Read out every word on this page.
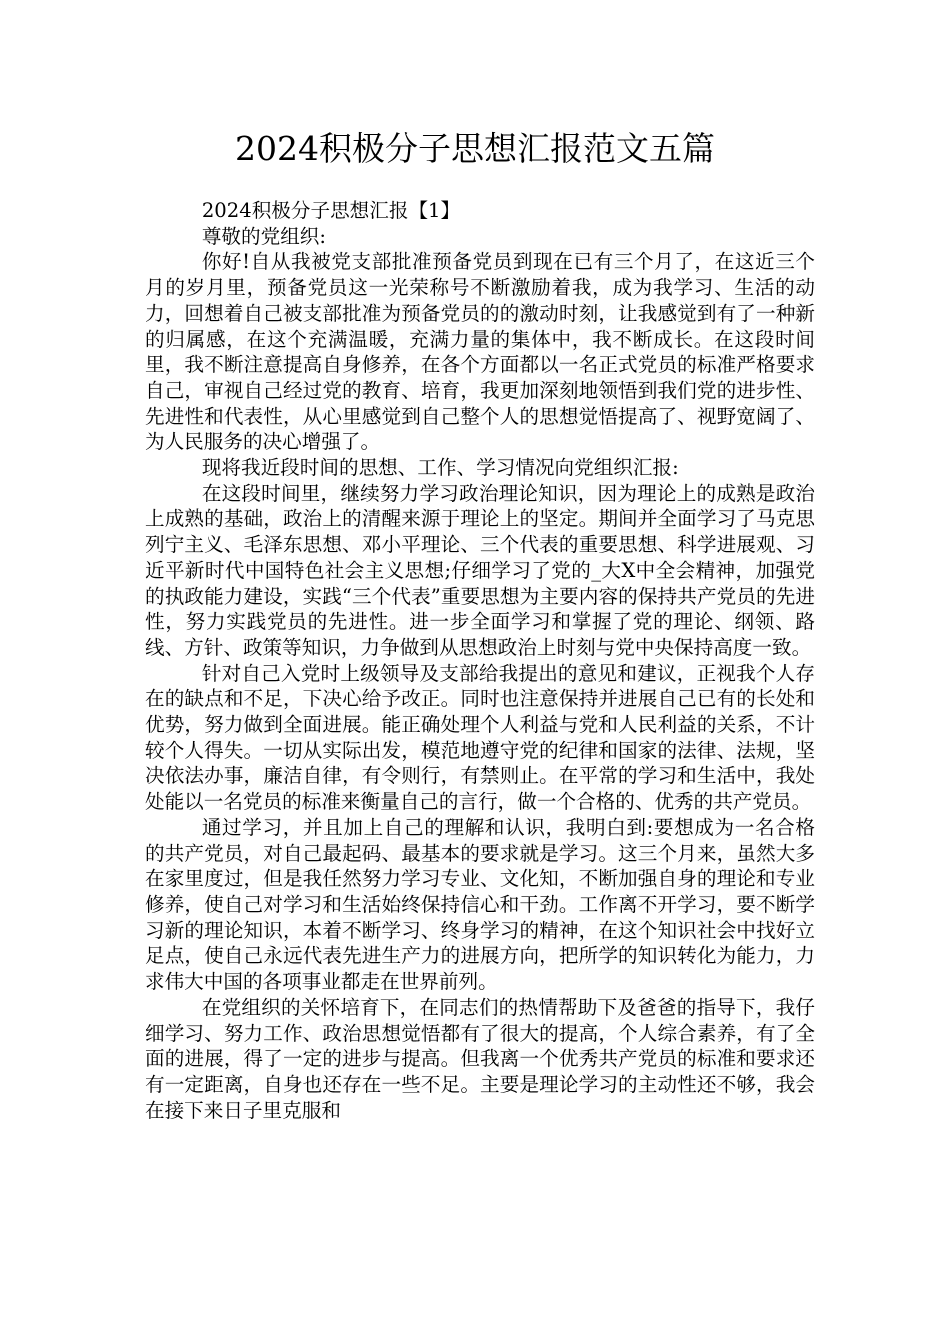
2024积极分子思想汇报范文五篇

2024积极分子思想汇报【1】

尊敬的党组织:

你好!自从我被党支部批准预备党员到现在已有三个月了，在这近三个月的岁月里，预备党员这一光荣称号不断激励着我，成为我学习、生活的动力，回想着自己被支部批准为预备党员的的激动时刻，让我感觉到有了一种新的归属感，在这个充满温暖，充满力量的集体中，我不断成长。在这段时间里，我不断注意提高自身修养，在各个方面都以一名正式党员的标准严格要求自己，审视自己经过党的教育、培育，我更加深刻地领悟到我们党的进步性、先进性和代表性，从心里感觉到自己整个人的思想觉悟提高了、视野宽阔了、为人民服务的决心增强了。

现将我近段时间的思想、工作、学习情况向党组织汇报:

在这段时间里，继续努力学习政治理论知识，因为理论上的成熟是政治上成熟的基础，政治上的清醒来源于理论上的坚定。期间并全面学习了马克思列宁主义、毛泽东思想、邓小平理论、三个代表的重要思想、科学进展观、习近平新时代中国特色社会主义思想;仔细学习了党的_大X中全会精神，加强党的执政能力建设，实践“三个代表”重要思想为主要内容的保持共产党员的先进性，努力实践党员的先进性。进一步全面学习和掌握了党的理论、纲领、路线、方针、政策等知识，力争做到从思想政治上时刻与党中央保持高度一致。

针对自己入党时上级领导及支部给我提出的意见和建议，正视我个人存在的缺点和不足，下决心给予改正。同时也注意保持并进展自己已有的长处和优势，努力做到全面进展。能正确处理个人利益与党和人民利益的关系，不计较个人得失。一切从实际出发，模范地遵守党的纪律和国家的法律、法规，坚决依法办事，廉洁自律，有令则行，有禁则止。在平常的学习和生活中，我处处能以一名党员的标准来衡量自己的言行，做一个合格的、优秀的共产党员。

通过学习，并且加上自己的理解和认识，我明白到:要想成为一名合格的共产党员，对自己最起码、最基本的要求就是学习。这三个月来，虽然大多在家里度过，但是我任然努力学习专业、文化知，不断加强自身的理论和专业修养，使自己对学习和生活始终保持信心和干劲。工作离不开学习，要不断学习新的理论知识，本着不断学习、终身学习的精神，在这个知识社会中找好立足点，使自己永远代表先进生产力的进展方向，把所学的知识转化为能力，力求伟大中国的各项事业都走在世界前列。

在党组织的关怀培育下，在同志们的热情帮助下及爸爸的指导下，我仔细学习、努力工作、政治思想觉悟都有了很大的提高，个人综合素养，有了全面的进展，得了一定的进步与提高。但我离一个优秀共产党员的标准和要求还有一定距离，自身也还存在一些不足。主要是理论学习的主动性还不够，我会在接下来日子里克服和
